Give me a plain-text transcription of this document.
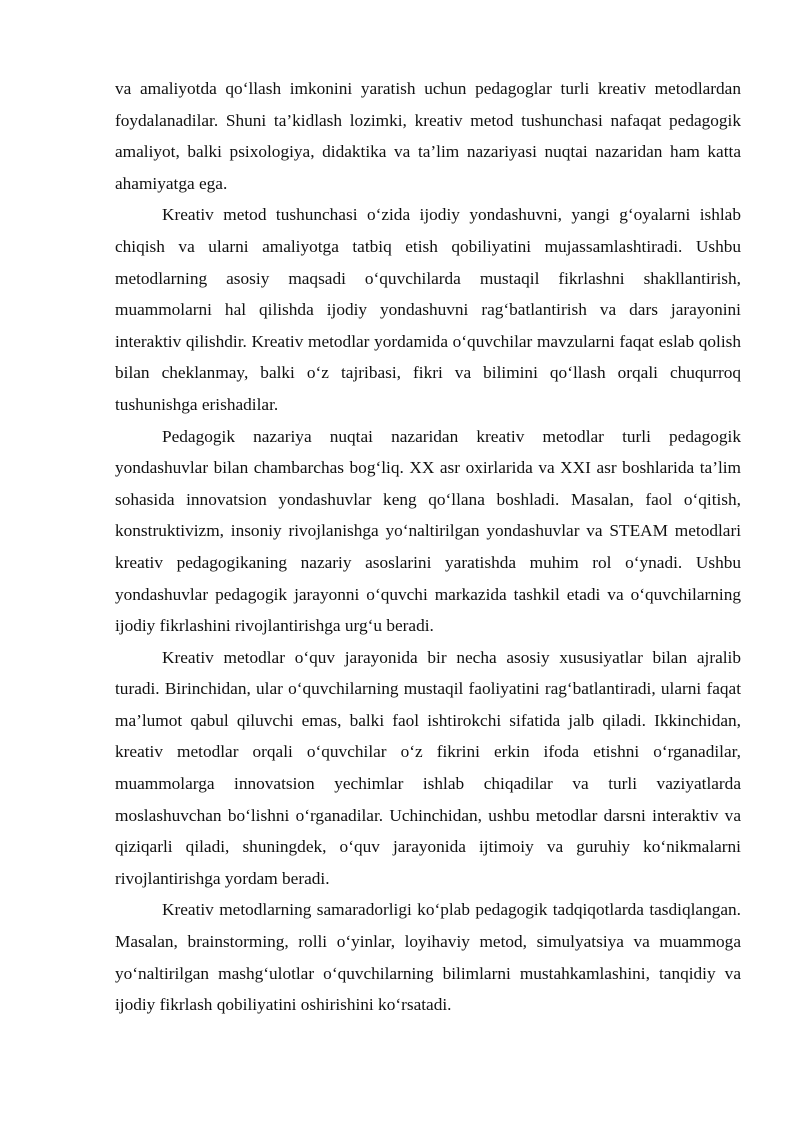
va amaliyotda qo‘llash imkonini yaratish uchun pedagoglar turli kreativ metodlardan foydalanadilar. Shuni ta’kidlash lozimki, kreativ metod tushunchasi nafaqat pedagogik amaliyot, balki psixologiya, didaktika va ta’lim nazariyasi nuqtai nazaridan ham katta ahamiyatga ega.

Kreativ metod tushunchasi o‘zida ijodiy yondashuvni, yangi g‘oyalarni ishlab chiqish va ularni amaliyotga tatbiq etish qobiliyatini mujassamlashtiradi. Ushbu metodlarning asosiy maqsadi o‘quvchilarda mustaqil fikrlashni shakllantirish, muammolarni hal qilishda ijodiy yondashuvni rag‘batlantirish va dars jarayonini interaktiv qilishdir. Kreativ metodlar yordamida o‘quvchilar mavzularni faqat eslab qolish bilan cheklanmay, balki o‘z tajribasi, fikri va bilimini qo‘llash orqali chuqurroq tushunishga erishadilar.

Pedagogik nazariya nuqtai nazaridan kreativ metodlar turli pedagogik yondashuvlar bilan chambarchas bog‘liq. XX asr oxirlarida va XXI asr boshlarida ta’lim sohasida innovatsion yondashuvlar keng qo‘llana boshladi. Masalan, faol o‘qitish, konstruktivizm, insoniy rivojlanishga yo‘naltirilgan yondashuvlar va STEAM metodlari kreativ pedagogikaning nazariy asoslarini yaratishda muhim rol o‘ynadi. Ushbu yondashuvlar pedagogik jarayonni o‘quvchi markazida tashkil etadi va o‘quvchilarning ijodiy fikrlashini rivojlantirishga urg‘u beradi.

Kreativ metodlar o‘quv jarayonida bir necha asosiy xususiyatlar bilan ajralib turadi. Birinchidan, ular o‘quvchilarning mustaqil faoliyatini rag‘batlantiradi, ularni faqat ma’lumot qabul qiluvchi emas, balki faol ishtirokchi sifatida jalb qiladi. Ikkinchidan, kreativ metodlar orqali o‘quvchilar o‘z fikrini erkin ifoda etishni o‘rganadilar, muammolarga innovatsion yechimlar ishlab chiqadilar va turli vaziyatlarda moslashuvchan bo‘lishni o‘rganadilar. Uchinchidan, ushbu metodlar darsni interaktiv va qiziqarli qiladi, shuningdek, o‘quv jarayonida ijtimoiy va guruhiy ko‘nikmalarni rivojlantirishga yordam beradi.

Kreativ metodlarning samaradorligi ko‘plab pedagogik tadqiqotlarda tasdiqlangan. Masalan, brainstorming, rolli o‘yinlar, loyihaviy metod, simulyatsiya va muammoga yo‘naltirilgan mashg‘ulotlar o‘quvchilarning bilimlarni mustahkamlashini, tanqidiy va ijodiy fikrlash qobiliyatini oshirishini ko‘rsatadi.
